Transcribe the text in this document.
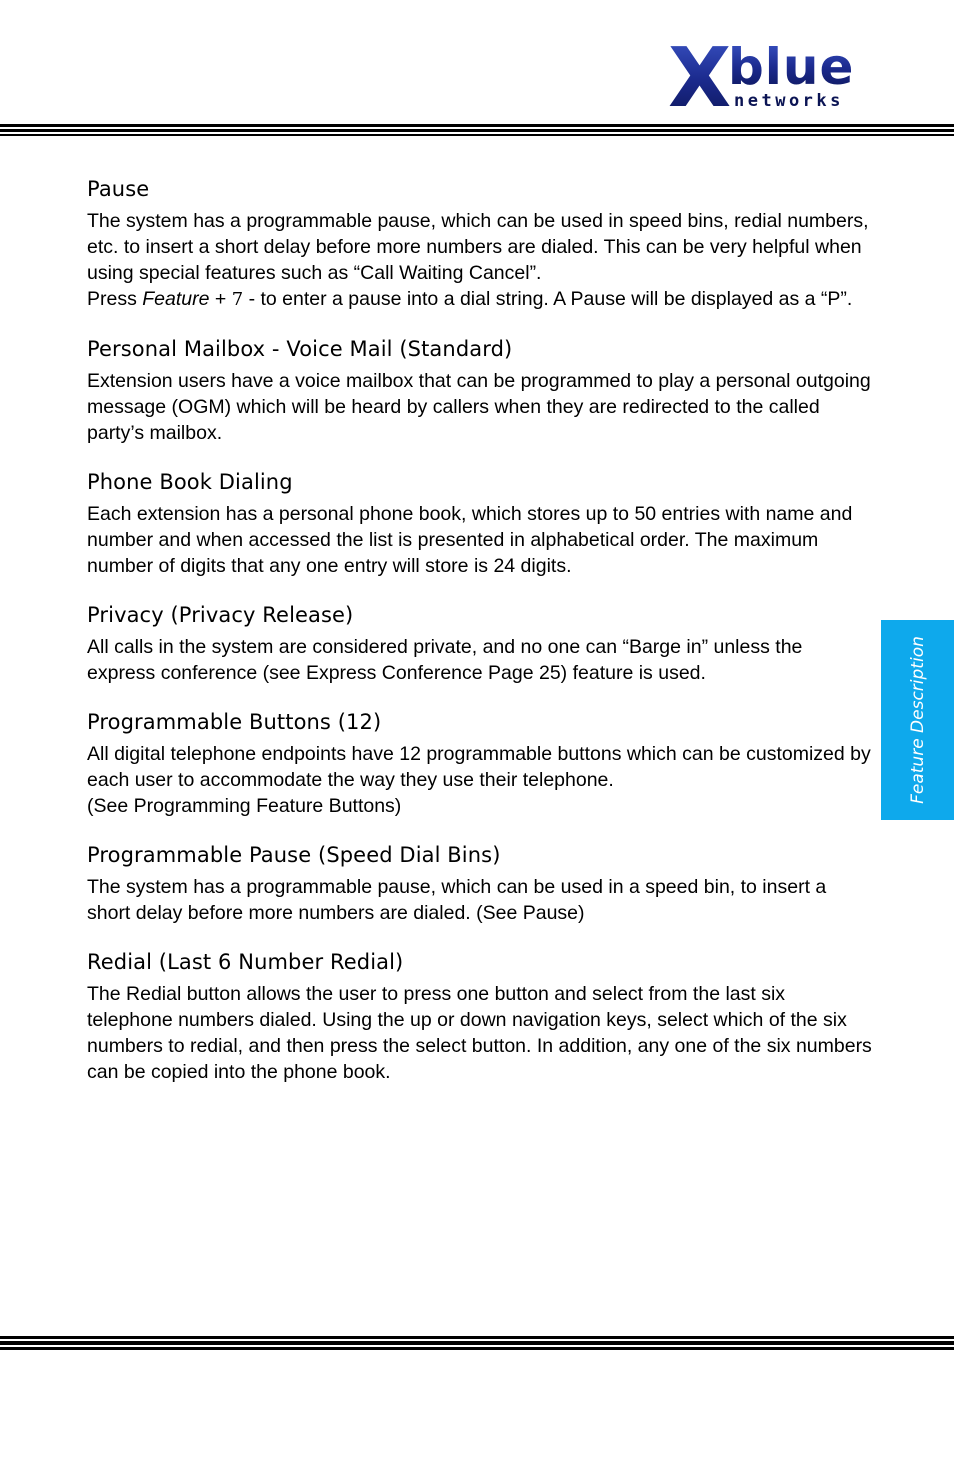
X
blue
networks
Pause

The system has a programmable pause, which can be used in speed bins, redial numbers, etc. to insert a short delay before more numbers are dialed. This can be very helpful when using special features such as “Call Waiting Cancel”.
Press Feature + 7 - to enter a pause into a dial string. A Pause will be displayed as a “P”.

Personal Mailbox - Voice Mail (Standard)

Extension users have a voice mailbox that can be programmed to play a personal outgoing message (OGM) which will be heard by callers when they are redirected to the called party’s mailbox.

Phone Book Dialing

Each extension has a personal phone book, which stores up to 50 entries with name and number and when accessed the list is presented in alphabetical order. The maximum number of digits that any one entry will store is 24 digits.

Privacy (Privacy Release)

All calls in the system are considered private, and no one can “Barge in” unless the express conference (see Express Conference Page 25) feature is used.

Programmable Buttons (12)

All digital telephone endpoints have 12 programmable buttons which can be customized by each user to accommodate the way they use their telephone.
(See Programming Feature Buttons)

Programmable Pause (Speed Dial Bins)

The system has a programmable pause, which can be used in a speed bin, to insert a short delay before more numbers are dialed. (See Pause)

Redial (Last 6 Number Redial)

The Redial button allows the user to press one button and select from the last six telephone numbers dialed. Using the up or down navigation keys, select which of the six numbers to redial, and then press the select button. In addition, any one of the six numbers can be copied into the phone book.

Feature Description
